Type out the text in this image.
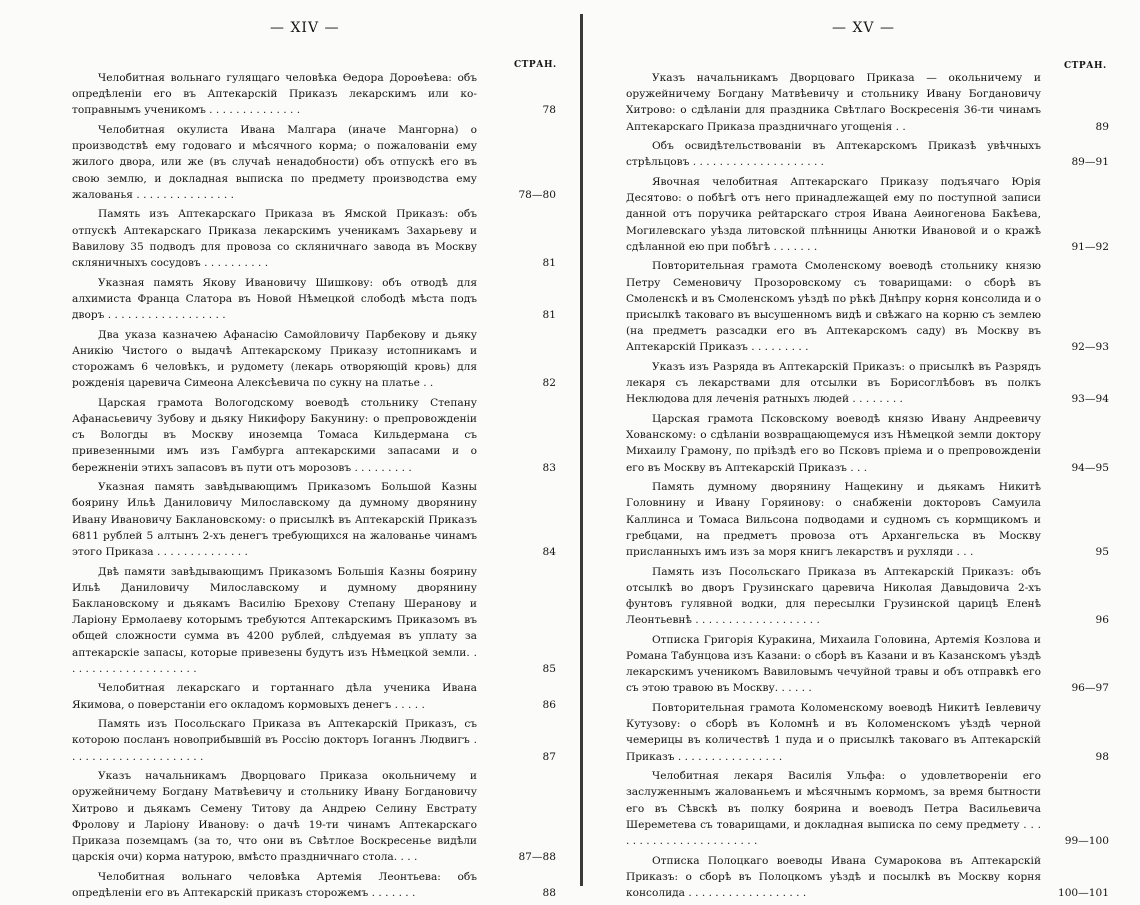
— XIV —
СТРАН.
Челобитная вольнаго гулящаго человѣка Ѳедора Дороѳѣева: объ опредѣленіи его въ Аптекарскій Приказъ лекарскимъ или ко-топравнымъ ученикомъ . . . . . . . . . . . . . .	78
Челобитная окулиста Ивана Малгара (иначе Мангорна) о производствѣ ему годоваго и мѣсячного корма; о пожалованіи ему жилого двора, или же (въ случаѣ ненадобности) объ отпускѣ его въ свою землю, и докладная выписка по предмету производства ему жалованья . . . . . . . . . . . . . . .	78—80
Память изъ Аптекарскаго Приказа въ Ямской Приказъ: объ отпускѣ Аптекарскаго Приказа лекарскимъ ученикамъ Захарьеву и Вавилову 35 подводъ для провоза со скляничнаго завода въ Москву скляничныхъ сосудовъ . . . . . . . . . .	81
Указная память Якову Ивановичу Шишкову: объ отводѣ для алхимиста Франца Слатора въ Новой Нѣмецкой слободѣ мѣста подъ дворъ . . . . . . . . . . . . . . . . . .	81
Два указа казначею Афанасію Самойловичу Парбекову и дьяку Аникію Чистого о выдачѣ Аптекарскому Приказу истопникамъ и сторожамъ 6 человѣкъ, и рудомету (лекарь отворяющій кровь) для рожденія царевича Симеона Алексѣевича по сукну на платье . .	82
Царская грамота Вологодскому воеводѣ стольнику Степану Афанасьевичу Зубову и дьяку Никифору Бакунину: о препровожденіи съ Вологды въ Москву иноземца Томаса Кильдермана съ привезенными имъ изъ Гамбурга аптекарскими запасами и о бережненіи этихъ запасовъ въ пути отъ морозовъ . . . . . . . . .	83
Указная память завѣдывающимъ Приказомъ Большой Казны боярину Ильѣ Даниловичу Милославскому да думному дворянину Ивану Ивановичу Баклановскому: о присылкѣ въ Аптекарскій Приказъ 6811 рублей 5 алтынъ 2-хъ денегъ требующихся на жалованье чинамъ этого Приказа . . . . . . . . . . . . . .	84
Двѣ памяти завѣдывающимъ Приказомъ Большія Казны боярину Ильѣ Даниловичу Милославскому и думному дворянину Баклановскому и дьякамъ Василію Брехову Степану Шеранову и Ларіону Ермолаеву которымъ требуются Аптекарскимъ Приказомъ въ общей сложности сумма въ 4200 рублей, слѣдуемая въ уплату за аптекарскіе запасы, которые привезены будутъ изъ Нѣмецкой земли. . . . . . . . . . . . . . . . . . . . .	85
Челобитная лекарскаго и гортаннаго дѣла ученика Ивана Якимова, о поверстаніи его окладомъ кормовыхъ денегъ . . . . .	86
Память изъ Посольскаго Приказа въ Аптекарскій Приказъ, съ которою посланъ новоприбывшій въ Россію докторъ Іоганнъ Людвигъ . . . . . . . . . . . . . . . . . . . . .	87
Указъ начальникамъ Дворцоваго Приказа окольничему и оружейничему Богдану Матвѣевичу и стольнику Ивану Богдановичу Хитрово и дьякамъ Семену Титову да Андрею Селину Евстрату Фролову и Ларіону Иванову: о дачѣ 19-ти чинамъ Аптекарскаго Приказа поземцамъ (за то, что они въ Свѣтлое Воскресенье видѣли царскія очи) корма натурою, вмѣсто праздничнаго стола. . . .	87—88
Челобитная вольнаго человѣка Артемія Леонтьева: объ опредѣленіи его въ Аптекарскій приказъ сторожемъ . . . . . . .	88
— XV —
СТРАН.
Указъ начальникамъ Дворцоваго Приказа — окольничему и оружейничему Богдану Матвѣевичу и стольнику Ивану Богдановичу Хитрово: о сдѣланіи для праздника Свѣтлаго Воскресенія 36-ти чинамъ Аптекарскаго Приказа праздничнаго угощенія . .	89
Объ освидѣтельствованіи въ Аптекарскомъ Приказѣ увѣчныхъ стрѣльцовъ . . . . . . . . . . . . . . . . . . . .	89—91
Явочная челобитная Аптекарскаго Приказу подъячаго Юрія Десятово: о побѣгѣ отъ него принадлежащей ему по поступной записи данной отъ поручика рейтарскаго строя Ивана Аѳиногенова Бакѣева, Могилевскаго уѣзда литовской плѣнницы Анютки Ивановой и о кражѣ сдѣланной ею при побѣгѣ . . . . . . .	91—92
Повторительная грамота Смоленскому воеводѣ стольнику князю Петру Семеновичу Прозоровскому съ товарищами: о сборѣ въ Смоленскѣ и въ Смоленскомъ уѣздѣ по рѣкѣ Днѣпру корня консолида и о присылкѣ таковаго въ высушенномъ видѣ и свѣжаго на корню съ землею (на предметъ разсадки его въ Аптекарскомъ саду) въ Москву въ Аптекарскій Приказъ . . . . . . . . .	92—93
Указъ изъ Разряда въ Аптекарскій Приказъ: о присылкѣ въ Разрядъ лекаря съ лекарствами для отсылки въ Борисоглѣбовъ въ полкъ Неклюдова для леченія ратныхъ людей . . . . . . . .	93—94
Царская грамота Псковскому воеводѣ князю Ивану Андреевичу Хованскому: о сдѣланіи возвращающемуся изъ Нѣмецкой земли доктору Михаилу Грамону, по пріѣздѣ его во Псковъ пріема и о препровожденіи его въ Москву въ Аптекарскій Приказъ . . .	94—95
Память думному дворянину Нащекину и дьякамъ Никитѣ Головнину и Ивану Горяинову: о снабженіи докторовъ Самуила Каллинса и Томаса Вильсона подводами и судномъ съ кормщикомъ и гребцами, на предметъ провоза отъ Архангельска въ Москву присланныхъ имъ изъ за моря книгъ лекарствъ и рухляди . . .	95
Память изъ Посольскаго Приказа въ Аптекарскій Приказъ: объ отсылкѣ во дворъ Грузинскаго царевича Николая Давыдовича 2-хъ фунтовъ гулявной водки, для пересылки Грузинской царицѣ Еленѣ Леонтьевнѣ . . . . . . . . . . . . . . . . . . .	96
Отписка Григорія Куракина, Михаила Головина, Артемія Козлова и Романа Табунцова изъ Казани: о сборѣ въ Казани и въ Казанскомъ уѣздѣ лекарскимъ ученикомъ Вавиловымъ чечуйной травы и объ отправкѣ его съ этою травою въ Москву. . . . . .	96—97
Повторительная грамота Коломенскому воеводѣ Никитѣ Іевлевичу Кутузову: о сборѣ въ Коломнѣ и въ Коломенскомъ уѣздѣ черной чемерицы въ количествѣ 1 пуда и о присылкѣ таковаго въ Аптекарскій Приказъ . . . . . . . . . . . . . . . .	98
Челобитная лекаря Василія Ульфа: о удовлетвореніи его заслуженнымъ жалованьемъ и мѣсячнымъ кормомъ, за время бытности его въ Сѣвскѣ въ полку боярина и воеводъ Петра Васильевича Шереметева съ товарищами, и докладная выписка по сему предмету . . . . . . . . . . . . . . . . . . . . . . .	99—100
Отписка Полоцкаго воеводы Ивана Сумарокова въ Аптекарскій Приказъ: о сборѣ въ Полоцкомъ уѣздѣ и посылкѣ въ Москву корня консолида . . . . . . . . . . . . . . . . . .	100—101
